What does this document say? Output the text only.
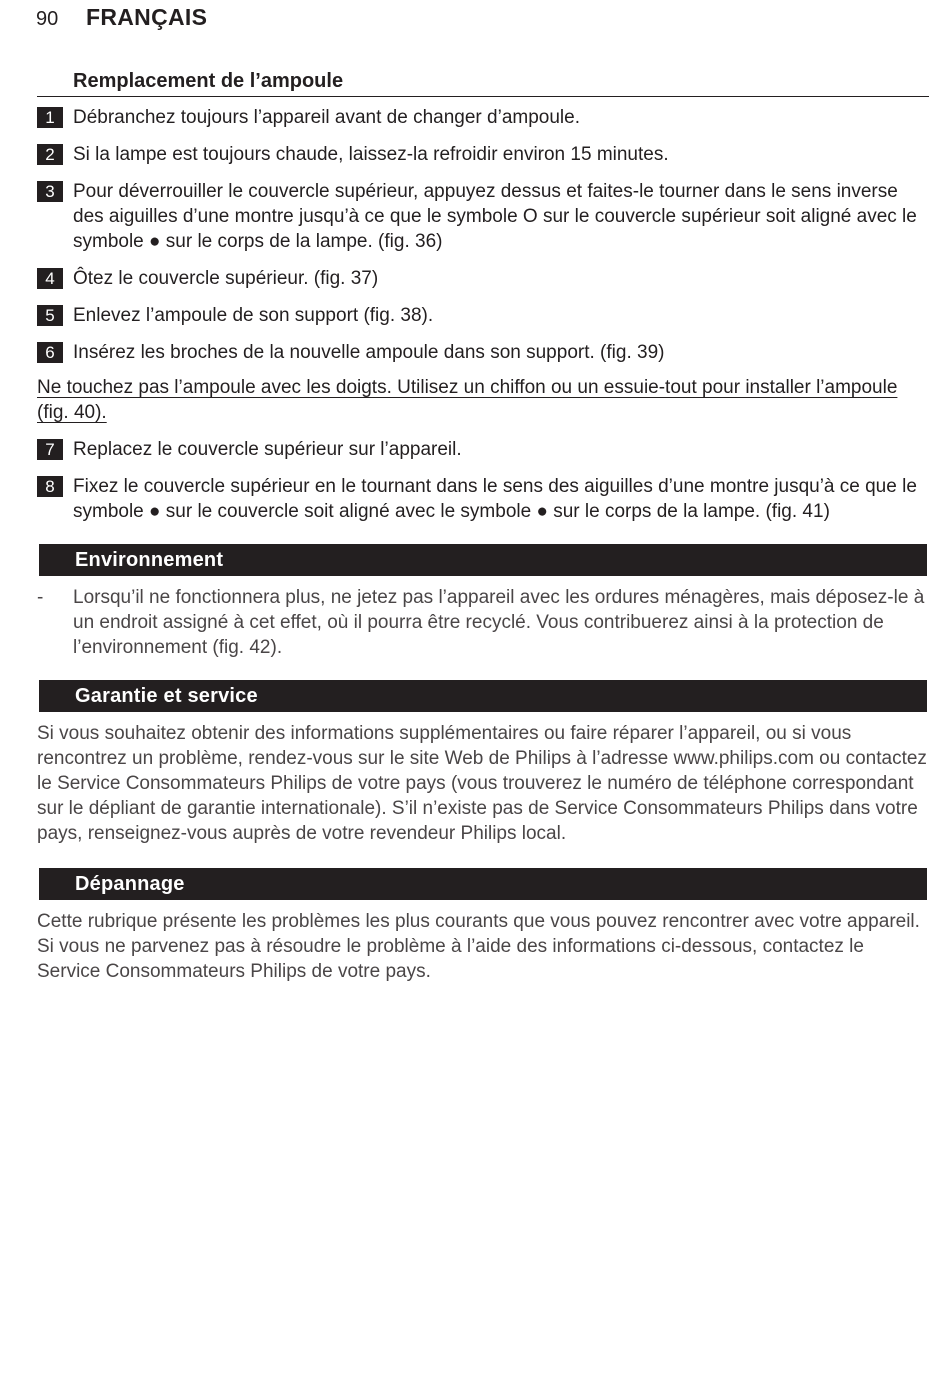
90	FRANÇAIS
Remplacement de l’ampoule
1 Débranchez toujours l’appareil avant de changer d’ampoule.
2 Si la lampe est toujours chaude, laissez-la refroidir environ 15 minutes.
3 Pour déverrouiller le couvercle supérieur, appuyez dessus et faites-le tourner dans le sens inverse des aiguilles d’une montre jusqu’à ce que le symbole O sur le couvercle supérieur soit aligné avec le symbole ● sur le corps de la lampe. (fig. 36)
4 Ôtez le couvercle supérieur. (fig. 37)
5 Enlevez l’ampoule de son support (fig. 38).
6 Insérez les broches de la nouvelle ampoule dans son support. (fig. 39)
Ne touchez pas l’ampoule avec les doigts. Utilisez un chiffon ou un essuie-tout pour installer l’ampoule (fig. 40).
7 Replacez le couvercle supérieur sur l’appareil.
8 Fixez le couvercle supérieur en le tournant dans le sens des aiguilles d’une montre jusqu’à ce que le symbole ● sur le couvercle soit aligné avec le symbole ● sur le corps de la lampe. (fig. 41)
Environnement
-	Lorsqu’il ne fonctionnera plus, ne jetez pas l’appareil avec les ordures ménagères, mais déposez-le à un endroit assigné à cet effet, où il pourra être recyclé. Vous contribuerez ainsi à la protection de l’environnement (fig. 42).
Garantie et service
Si vous souhaitez obtenir des informations supplémentaires ou faire réparer l’appareil, ou si vous rencontrez un problème, rendez-vous sur le site Web de Philips à l’adresse www.philips.com ou contactez le Service Consommateurs Philips de votre pays (vous trouverez le numéro de téléphone correspondant sur le dépliant de garantie internationale). S’il n’existe pas de Service Consommateurs Philips dans votre pays, renseignez-vous auprès de votre revendeur Philips local.
Dépannage
Cette rubrique présente les problèmes les plus courants que vous pouvez rencontrer avec votre appareil. Si vous ne parvenez pas à résoudre le problème à l’aide des informations ci-dessous, contactez le Service Consommateurs Philips de votre pays.
